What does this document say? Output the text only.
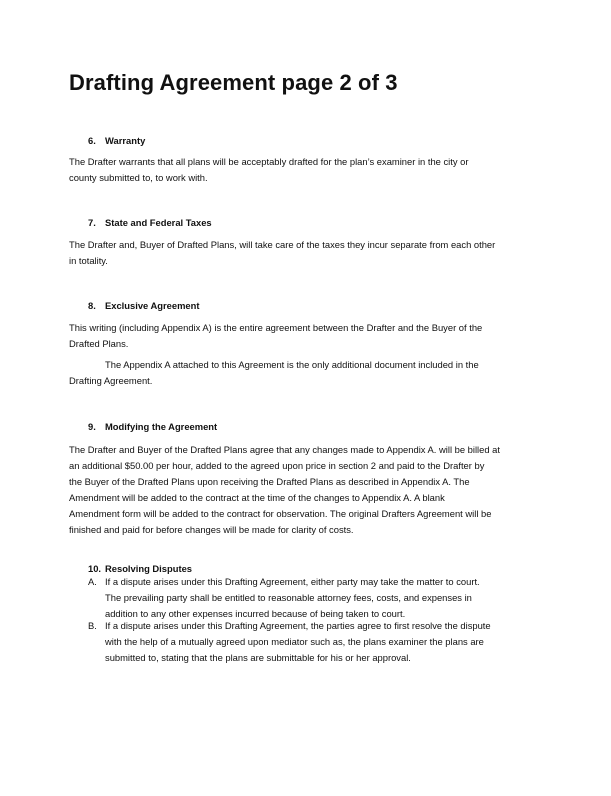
Drafting Agreement page 2 of 3
6. Warranty
The Drafter warrants that all plans will be acceptably drafted for the plan’s examiner in the city or
county submitted to, to work with.
7. State and Federal Taxes
The Drafter and, Buyer of Drafted Plans, will take care of the taxes they incur separate from each other
in totality.
8. Exclusive Agreement
This writing (including Appendix A) is the entire agreement between the Drafter and the Buyer of the
Drafted Plans.
The Appendix A attached to this Agreement is the only additional document included in the
Drafting Agreement.
9. Modifying the Agreement
The Drafter and Buyer of the Drafted Plans agree that any changes made to Appendix A. will be billed at
an additional $50.00 per hour, added to the agreed upon price in section 2 and paid to the Drafter by
the Buyer of the Drafted Plans upon receiving the Drafted Plans as described in Appendix A. The
Amendment will be added to the contract at the time of the changes to Appendix A. A blank
Amendment form will be added to the contract for observation. The original Drafters Agreement will be
finished and paid for before changes will be made for clarity of costs.
10. Resolving Disputes
A. If a dispute arises under this Drafting Agreement, either party may take the matter to court.
The prevailing party shall be entitled to reasonable attorney fees, costs, and expenses in
addition to any other expenses incurred because of being taken to court.
B. If a dispute arises under this Drafting Agreement, the parties agree to first resolve the dispute
with the help of a mutually agreed upon mediator such as, the plans examiner the plans are
submitted to, stating that the plans are submittable for his or her approval.
